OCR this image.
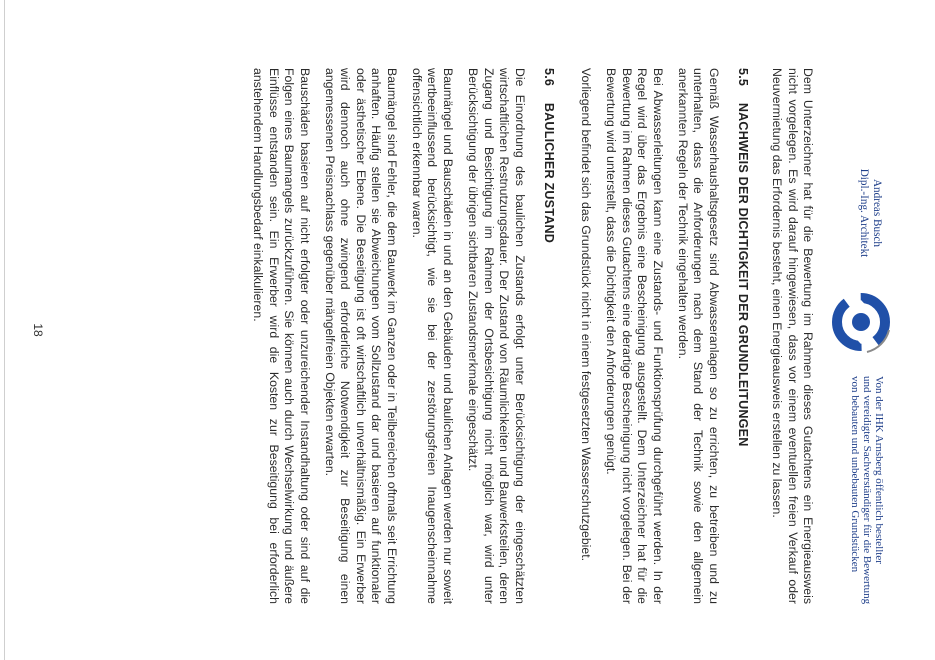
Andreas Busch
Dipl.-Ing. Architekt
Von der IHK Arnsberg öffentlich bestellter
und vereidigter Sachverständiger für die Bewertung
von bebauten und unbebauten Grundstücken

Dem Unterzeichner hat für die Bewertung im Rahmen dieses Gutachtens ein Energieausweis nicht vorgelegen. Es wird darauf hingewiesen, dass vor einem eventuellen freien Verkauf oder Neuvermietung das Erfordernis besteht, einen Energieausweis erstellen zu lassen.

5.5 NACHWEIS DER DICHTIGKEIT DER GRUNDLEITUNGEN

Gemäß Wasserhaushaltsgesetz sind Abwasseranlagen so zu errichten, zu betreiben und zu unterhalten, dass die Anforderungen nach dem Stand der Technik sowie den allgemein anerkannten Regeln der Technik eingehalten werden.

Bei Abwasserleitungen kann eine Zustands- und Funktionsprüfung durchgeführt werden. In der Regel wird über das Ergebnis eine Bescheinigung ausgestellt. Dem Unterzeichner hat für die Bewertung im Rahmen dieses Gutachtens eine derartige Bescheinigung nicht vorgelegen. Bei der Bewertung wird unterstellt, dass die Dichtigkeit den Anforderungen genügt.

Vorliegend befindet sich das Grundstück nicht in einem festgesetzten Wasserschutzgebiet.

5.6 BAULICHER ZUSTAND

Die Einordnung des baulichen Zustands erfolgt unter Berücksichtigung der eingeschätzten wirtschaftlichen Restnutzungsdauer. Der Zustand von Räumlichkeiten und Bauwerksteilen, deren Zugang und Besichtigung im Rahmen der Ortsbesichtigung nicht möglich war, wird unter Berücksichtigung der übrigen sichtbaren Zustandsmerkmale eingeschätzt.

Baumängel und Bauschäden in und an den Gebäuden und baulichen Anlagen werden nur soweit wertbeeinflussend berücksichtigt, wie sie bei der zerstörungsfreien Inaugenscheinnahme offensichtlich erkennbar waren.

Baumängel sind Fehler, die dem Bauwerk im Ganzen oder in Teilbereichen oftmals seit Errichtung anhaften. Häufig stellen sie Abweichungen vom Sollzustand dar und basieren auf funktionaler oder ästhetischer Ebene. Die Beseitigung ist oft wirtschaftlich unverhältnismäßig. Ein Erwerber wird dennoch auch ohne zwingend erforderliche Notwendigkeit zur Beseitigung einen angemessenen Preisnachlass gegenüber mängelfreien Objekten erwarten.

Bauschäden basieren auf nicht erfolgter oder unzureichender Instandhaltung oder sind auf die Folgen eines Baumangels zurückzuführen. Sie können auch durch Wechselwirkung und äußere Einflüsse entstanden sein. Ein Erwerber wird die Kosten zur Beseitigung bei erforderlich anstehendem Handlungsbedarf einkalkulieren.

18
